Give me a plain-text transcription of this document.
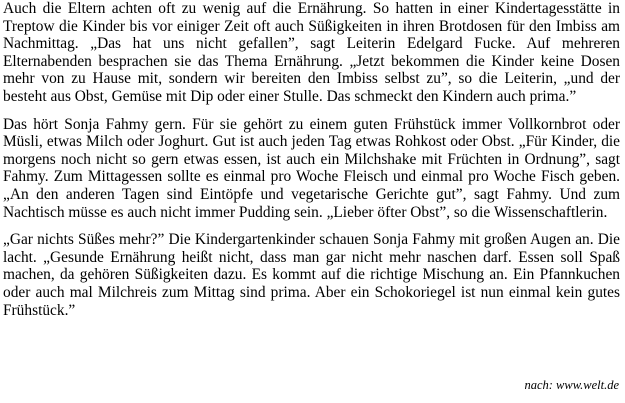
Auch die Eltern achten oft zu wenig auf die Ernährung. So hatten in einer Kindertagesstätte in Treptow die Kinder bis vor einiger Zeit oft auch Süßigkeiten in ihren Brotdosen für den Imbiss am Nachmittag. „Das hat uns nicht gefallen”, sagt Leiterin Edelgard Fucke. Auf mehreren Elternabenden besprachen sie das Thema Ernährung. „Jetzt bekommen die Kinder keine Dosen mehr von zu Hause mit, sondern wir bereiten den Imbiss selbst zu”, so die Leiterin, „und der besteht aus Obst, Gemüse mit Dip oder einer Stulle. Das schmeckt den Kindern auch prima.”

Das hört Sonja Fahmy gern. Für sie gehört zu einem guten Frühstück immer Vollkornbrot oder Müsli, etwas Milch oder Joghurt. Gut ist auch jeden Tag etwas Rohkost oder Obst. „Für Kinder, die morgens noch nicht so gern etwas essen, ist auch ein Milchshake mit Früchten in Ordnung”, sagt Fahmy. Zum Mittagessen sollte es einmal pro Woche Fleisch und einmal pro Woche Fisch geben. „An den anderen Tagen sind Eintöpfe und vegetarische Gerichte gut”, sagt Fahmy. Und zum Nachtisch müsse es auch nicht immer Pudding sein. „Lieber öfter Obst”, so die Wissenschaftlerin.

„Gar nichts Süßes mehr?” Die Kindergartenkinder schauen Sonja Fahmy mit großen Augen an. Die lacht. „Gesunde Ernährung heißt nicht, dass man gar nicht mehr naschen darf. Essen soll Spaß machen, da gehören Süßigkeiten dazu. Es kommt auf die richtige Mischung an. Ein Pfannkuchen oder auch mal Milchreis zum Mittag sind prima. Aber ein Schokoriegel ist nun einmal kein gutes Frühstück.”

nach: www.welt.de
